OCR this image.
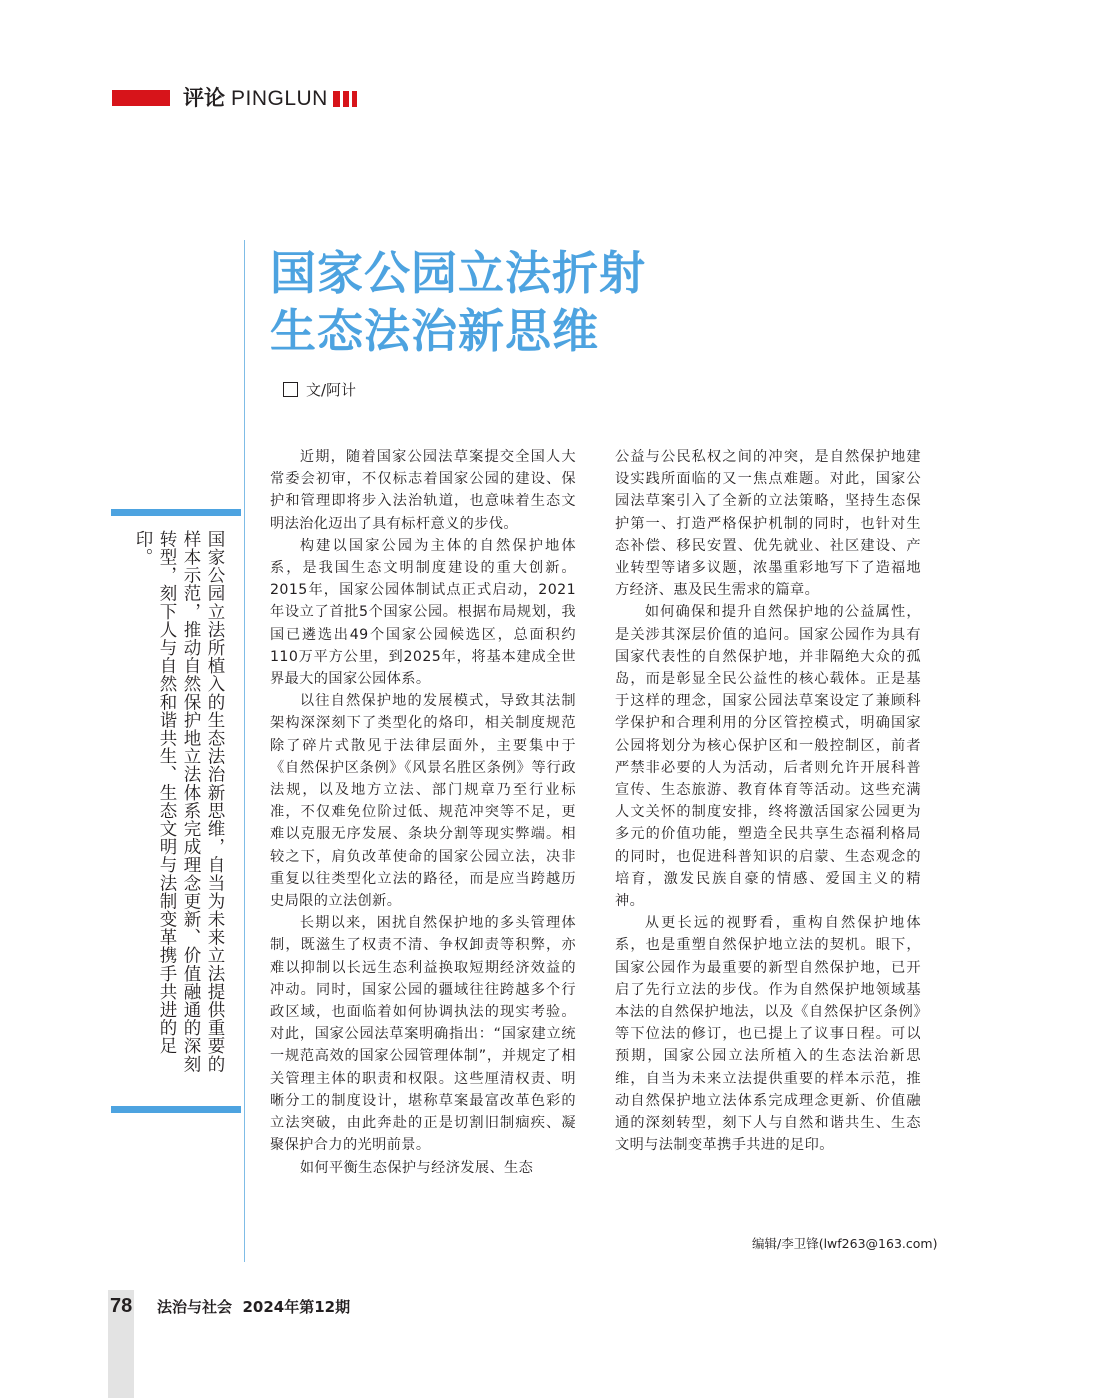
评论 PINGLUN
国家公园立法折射
生态法治新思维
文/阿计
国家公园立法所植入的生态法治新思维，自当为未来立法提供重要的样本示范，推动自然保护地立法体系完成理念更新、价值融通的深刻转型，刻下人与自然和谐共生、生态文明与法制变革携手共进的足印。

近期，随着国家公园法草案提交全国人大常委会初审，不仅标志着国家公园的建设、保护和管理即将步入法治轨道，也意味着生态文明法治化迈出了具有标杆意义的步伐。

构建以国家公园为主体的自然保护地体系，是我国生态文明制度建设的重大创新。2015年，国家公园体制试点正式启动，2021年设立了首批5个国家公园。根据布局规划，我国已遴选出49个国家公园候选区，总面积约110万平方公里，到2025年，将基本建成全世界最大的国家公园体系。

以往自然保护地的发展模式，导致其法制架构深深刻下了类型化的烙印，相关制度规范除了碎片式散见于法律层面外，主要集中于《自然保护区条例》《风景名胜区条例》等行政法规，以及地方立法、部门规章乃至行业标准，不仅难免位阶过低、规范冲突等不足，更难以克服无序发展、条块分割等现实弊端。相较之下，肩负改革使命的国家公园立法，决非重复以往类型化立法的路径，而是应当跨越历史局限的立法创新。

长期以来，困扰自然保护地的多头管理体制，既滋生了权责不清、争权卸责等积弊，亦难以抑制以长远生态利益换取短期经济效益的冲动。同时，国家公园的疆域往往跨越多个行政区域，也面临着如何协调执法的现实考验。对此，国家公园法草案明确指出：“国家建立统一规范高效的国家公园管理体制”，并规定了相关管理主体的职责和权限。这些厘清权责、明晰分工的制度设计，堪称草案最富改革色彩的立法突破，由此奔赴的正是切割旧制痼疾、凝聚保护合力的光明前景。

如何平衡生态保护与经济发展、生态

公益与公民私权之间的冲突，是自然保护地建设实践所面临的又一焦点难题。对此，国家公园法草案引入了全新的立法策略，坚持生态保护第一、打造严格保护机制的同时，也针对生态补偿、移民安置、优先就业、社区建设、产业转型等诸多议题，浓墨重彩地写下了造福地方经济、惠及民生需求的篇章。

如何确保和提升自然保护地的公益属性，是关涉其深层价值的追问。国家公园作为具有国家代表性的自然保护地，并非隔绝大众的孤岛，而是彰显全民公益性的核心载体。正是基于这样的理念，国家公园法草案设定了兼顾科学保护和合理利用的分区管控模式，明确国家公园将划分为核心保护区和一般控制区，前者严禁非必要的人为活动，后者则允许开展科普宣传、生态旅游、教育体育等活动。这些充满人文关怀的制度安排，终将激活国家公园更为多元的价值功能，塑造全民共享生态福利格局的同时，也促进科普知识的启蒙、生态观念的培育，激发民族自豪的情感、爱国主义的精神。

从更长远的视野看，重构自然保护地体系，也是重塑自然保护地立法的契机。眼下，国家公园作为最重要的新型自然保护地，已开启了先行立法的步伐。作为自然保护地领域基本法的自然保护地法，以及《自然保护区条例》等下位法的修订，也已提上了议事日程。可以预期，国家公园立法所植入的生态法治新思维，自当为未来立法提供重要的样本示范，推动自然保护地立法体系完成理念更新、价值融通的深刻转型，刻下人与自然和谐共生、生态文明与法制变革携手共进的足印。

编辑/李卫锋(lwf263@163.com)
78 法治与社会  2024年第12期
